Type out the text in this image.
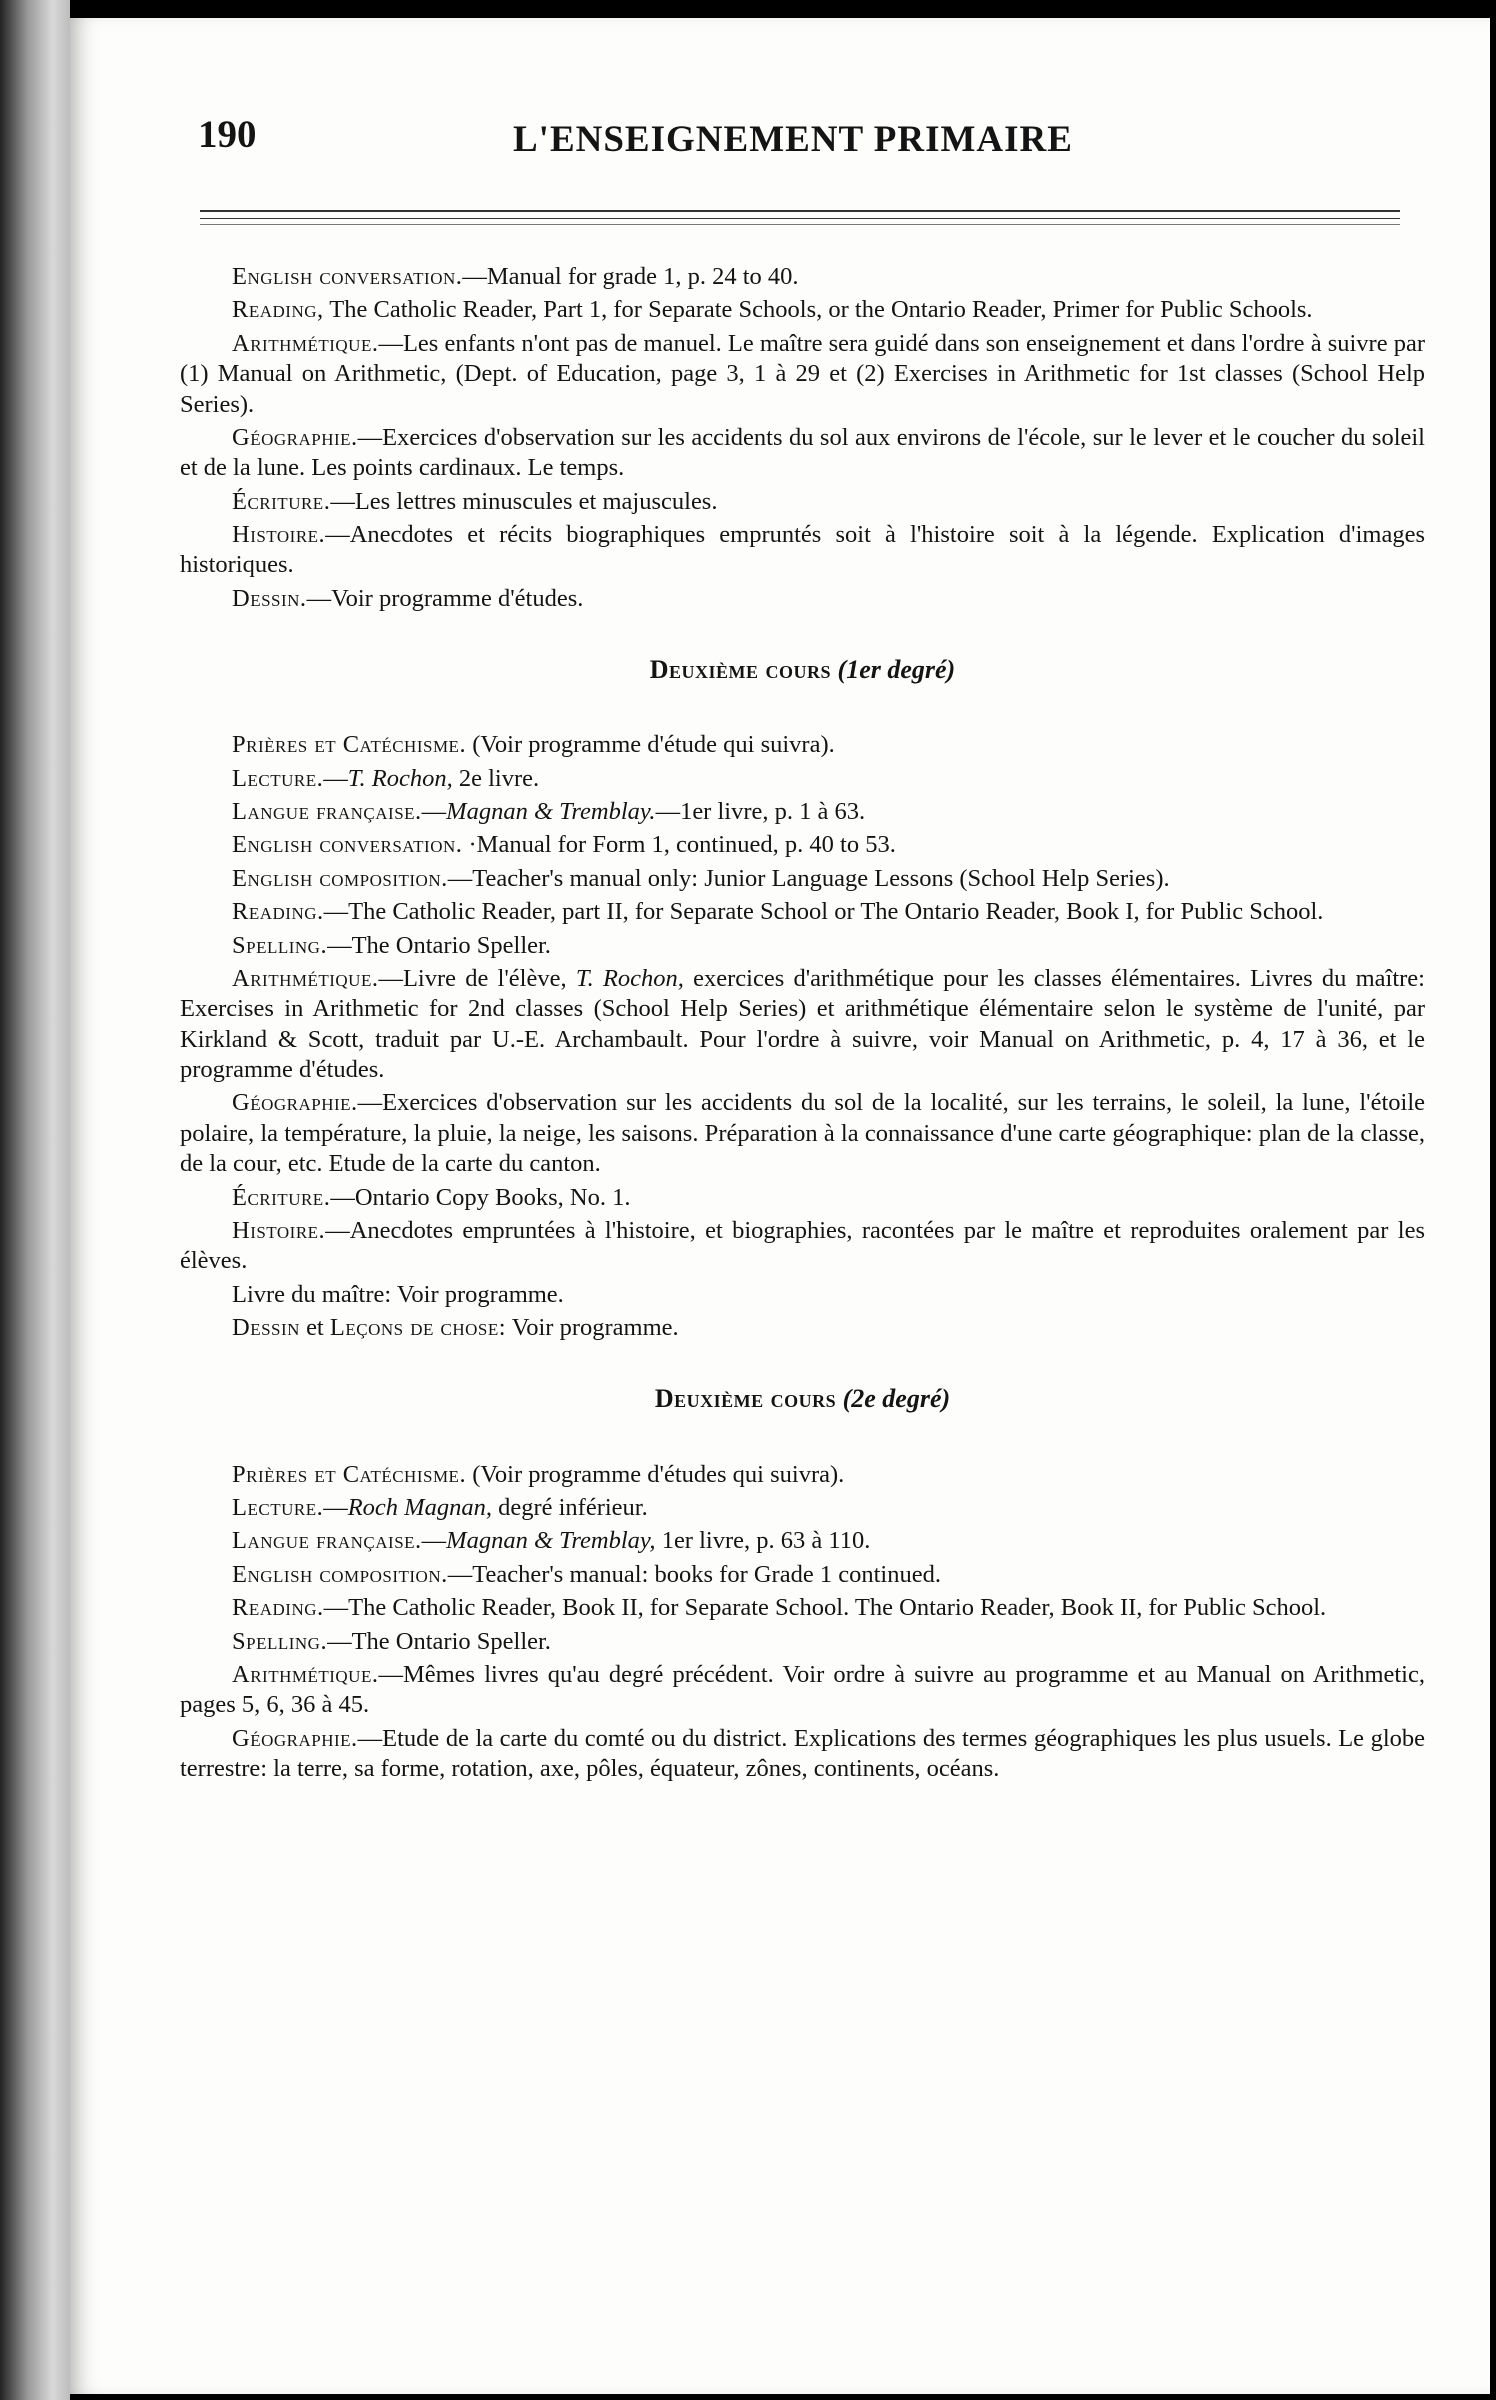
190	L'ENSEIGNEMENT PRIMAIRE

English conversation.—Manual for grade 1, p. 24 to 40.

Reading, The Catholic Reader, Part 1, for Separate Schools, or the Ontario Reader, Primer for Public Schools.

Arithmétique.—Les enfants n'ont pas de manuel. Le maître sera guidé dans son enseignement et dans l'ordre à suivre par (1) Manual on Arithmetic, (Dept. of Education, page 3, 1 à 29 et (2) Exercises in Arithmetic for 1st classes (School Help Series).

Géographie.—Exercices d'observation sur les accidents du sol aux environs de l'école, sur le lever et le coucher du soleil et de la lune. Les points cardinaux. Le temps.

Écriture.—Les lettres minuscules et majuscules.

Histoire.—Anecdotes et récits biographiques empruntés soit à l'histoire soit à la légende. Explication d'images historiques.

Dessin.—Voir programme d'études.

Deuxième cours (1er degré)

Prières et Catéchisme. (Voir programme d'étude qui suivra).

Lecture.—T. Rochon, 2e livre.

Langue française.—Magnan & Tremblay.—1er livre, p. 1 à 63.

English conversation. ·Manual for Form 1, continued, p. 40 to 53.

English composition.—Teacher's manual only: Junior Language Lessons (School Help Series).

Reading.—The Catholic Reader, part II, for Separate School or The Ontario Reader, Book I, for Public School.

Spelling.—The Ontario Speller.

Arithmétique.—Livre de l'élève, T. Rochon, exercices d'arithmétique pour les classes élémentaires. Livres du maître: Exercises in Arithmetic for 2nd classes (School Help Series) et arithmétique élémentaire selon le système de l'unité, par Kirkland & Scott, traduit par U.-E. Archambault. Pour l'ordre à suivre, voir Manual on Arithmetic, p. 4, 17 à 36, et le programme d'études.

Géographie.—Exercices d'observation sur les accidents du sol de la localité, sur les terrains, le soleil, la lune, l'étoile polaire, la température, la pluie, la neige, les saisons. Préparation à la connaissance d'une carte géographique: plan de la classe, de la cour, etc. Etude de la carte du canton.

Écriture.—Ontario Copy Books, No. 1.

Histoire.—Anecdotes empruntées à l'histoire, et biographies, racontées par le maître et reproduites oralement par les élèves.

Livre du maître: Voir programme.

Dessin et Leçons de chose: Voir programme.

Deuxième cours (2e degré)

Prières et Catéchisme. (Voir programme d'études qui suivra).

Lecture.—Roch Magnan, degré inférieur.

Langue française.—Magnan & Tremblay, 1er livre, p. 63 à 110.

English composition.—Teacher's manual: books for Grade 1 continued.

Reading.—The Catholic Reader, Book II, for Separate School. The Ontario Reader, Book II, for Public School.

Spelling.—The Ontario Speller.

Arithmétique.—Mêmes livres qu'au degré précédent. Voir ordre à suivre au programme et au Manual on Arithmetic, pages 5, 6, 36 à 45.

Géographie.—Etude de la carte du comté ou du district. Explications des termes géographiques les plus usuels. Le globe terrestre: la terre, sa forme, rotation, axe, pôles, équateur, zônes, continents, océans.
